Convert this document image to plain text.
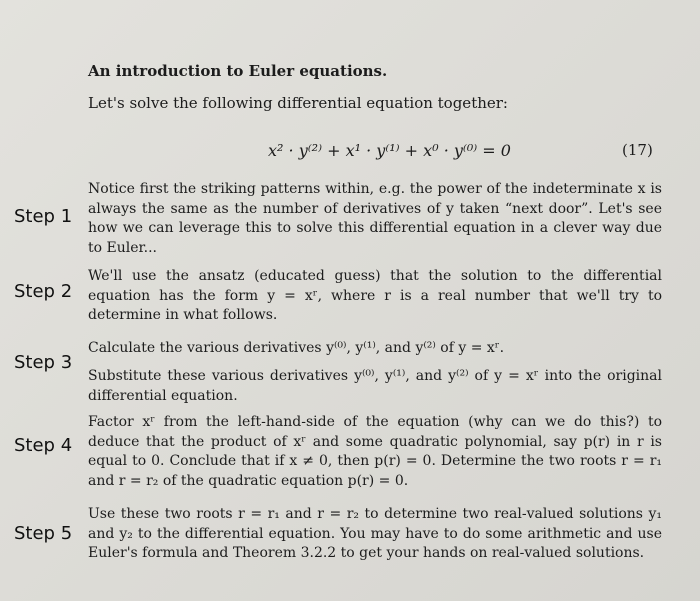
An introduction to Euler equations.
Let's solve the following differential equation together:
x² · y⁽²⁾ + x¹ · y⁽¹⁾ + x⁰ · y⁽⁰⁾ = 0	(17)
Step 1
Notice first the striking patterns within, e.g. the power of the indeterminate x is always the same as the number of derivatives of y taken “next door”. Let's see how we can leverage this to solve this differential equation in a clever way due to Euler...
Step 2
We'll use the ansatz (educated guess) that the solution to the differential equation has the form y = xʳ, where r is a real number that we'll try to determine in what follows.
Step 3
Calculate the various derivatives y⁽⁰⁾, y⁽¹⁾, and y⁽²⁾ of y = xʳ.
Substitute these various derivatives y⁽⁰⁾, y⁽¹⁾, and y⁽²⁾ of y = xʳ into the original differential equation.
Step 4
Factor xʳ from the left-hand-side of the equation (why can we do this?) to deduce that the product of xʳ and some quadratic polynomial, say p(r) in r is equal to 0. Conclude that if x ≠ 0, then p(r) = 0. Determine the two roots r = r₁ and r = r₂ of the quadratic equation p(r) = 0.
Step 5
Use these two roots r = r₁ and r = r₂ to determine two real-valued solutions y₁ and y₂ to the differential equation. You may have to do some arithmetic and use Euler's formula and Theorem 3.2.2 to get your hands on real-valued solutions.
